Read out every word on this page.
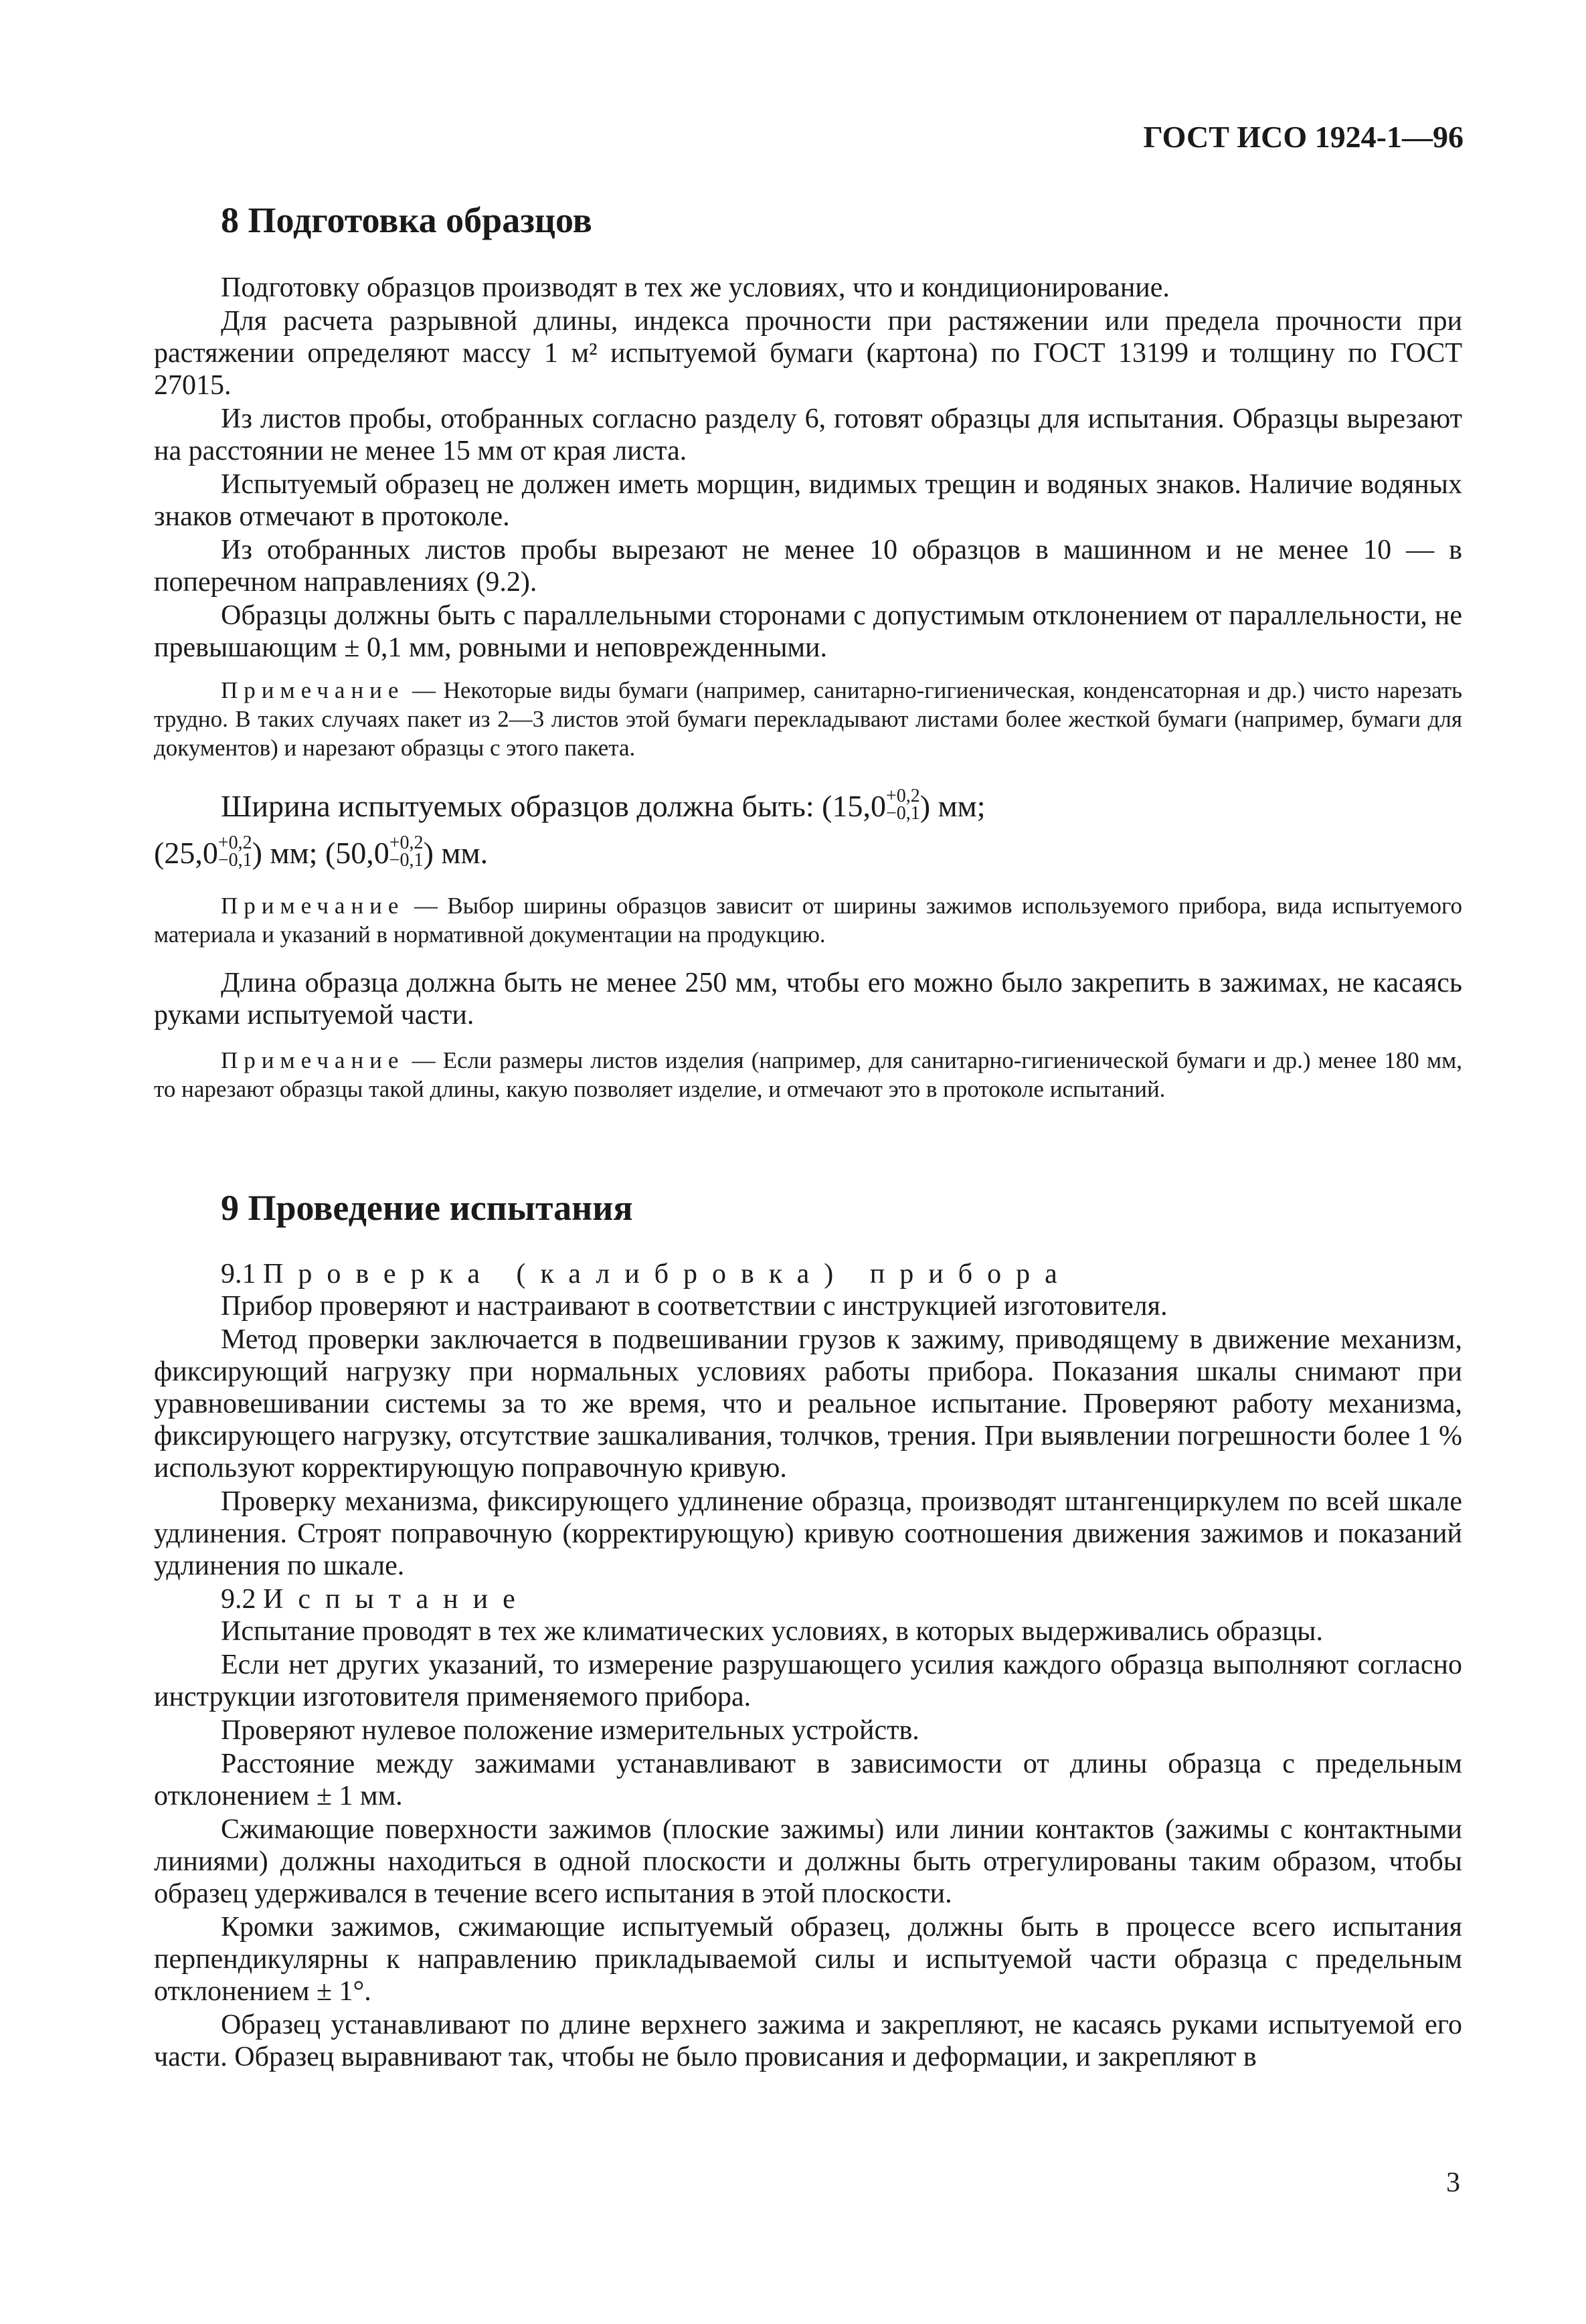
ГОСТ ИСО 1924-1—96
8 Подготовка образцов

Подготовку образцов производят в тех же условиях, что и кондиционирование.

Для расчета разрывной длины, индекса прочности при растяжении или предела прочности при растяжении определяют массу 1 м² испытуемой бумаги (картона) по ГОСТ 13199 и толщину по ГОСТ 27015.

Из листов пробы, отобранных согласно разделу 6, готовят образцы для испытания. Образцы вырезают на расстоянии не менее 15 мм от края листа.

Испытуемый образец не должен иметь морщин, видимых трещин и водяных знаков. Наличие водяных знаков отмечают в протоколе.

Из отобранных листов пробы вырезают не менее 10 образцов в машинном и не менее 10 — в поперечном направлениях (9.2).

Образцы должны быть с параллельными сторонами с допустимым отклонением от параллельности, не превышающим ± 0,1 мм, ровными и неповрежденными.

Примечание — Некоторые виды бумаги (например, санитарно-гигиеническая, конденсаторная и др.) чисто нарезать трудно. В таких случаях пакет из 2—3 листов этой бумаги перекладывают листами более жесткой бумаги (например, бумаги для документов) и нарезают образцы с этого пакета.

Ширина испытуемых образцов должна быть: (15,0 +0,2
−0,1 ) мм;

(25,0 +0,2
−0,1 ) мм; (50,0 +0,2
−0,1 ) мм.

Примечание — Выбор ширины образцов зависит от ширины зажимов используемого прибора, вида испытуемого материала и указаний в нормативной документации на продукцию.

Длина образца должна быть не менее 250 мм, чтобы его можно было закрепить в зажимах, не касаясь руками испытуемой части.

Примечание — Если размеры листов изделия (например, для санитарно-гигиенической бумаги и др.) менее 180 мм, то нарезают образцы такой длины, какую позволяет изделие, и отмечают это в протоколе испытаний.

9 Проведение испытания

9.1 Проверка (калибровка) прибора

Прибор проверяют и настраивают в соответствии с инструкцией изготовителя.

Метод проверки заключается в подвешивании грузов к зажиму, приводящему в движение механизм, фиксирующий нагрузку при нормальных условиях работы прибора. Показания шкалы снимают при уравновешивании системы за то же время, что и реальное испытание. Проверяют работу механизма, фиксирующего нагрузку, отсутствие зашкаливания, толчков, трения. При выявлении погрешности более 1 % используют корректирующую поправочную кривую.

Проверку механизма, фиксирующего удлинение образца, производят штангенциркулем по всей шкале удлинения. Строят поправочную (корректирующую) кривую соотношения движения зажимов и показаний удлинения по шкале.

9.2 Испытание

Испытание проводят в тех же климатических условиях, в которых выдерживались образцы.

Если нет других указаний, то измерение разрушающего усилия каждого образца выполняют согласно инструкции изготовителя применяемого прибора.

Проверяют нулевое положение измерительных устройств.

Расстояние между зажимами устанавливают в зависимости от длины образца с предельным отклонением ± 1 мм.

Сжимающие поверхности зажимов (плоские зажимы) или линии контактов (зажимы с контактными линиями) должны находиться в одной плоскости и должны быть отрегулированы таким образом, чтобы образец удерживался в течение всего испытания в этой плоскости.

Кромки зажимов, сжимающие испытуемый образец, должны быть в процессе всего испытания перпендикулярны к направлению прикладываемой силы и испытуемой части образца с предельным отклонением ± 1°.

Образец устанавливают по длине верхнего зажима и закрепляют, не касаясь руками испытуемой его части. Образец выравнивают так, чтобы не было провисания и деформации, и закрепляют в

3
